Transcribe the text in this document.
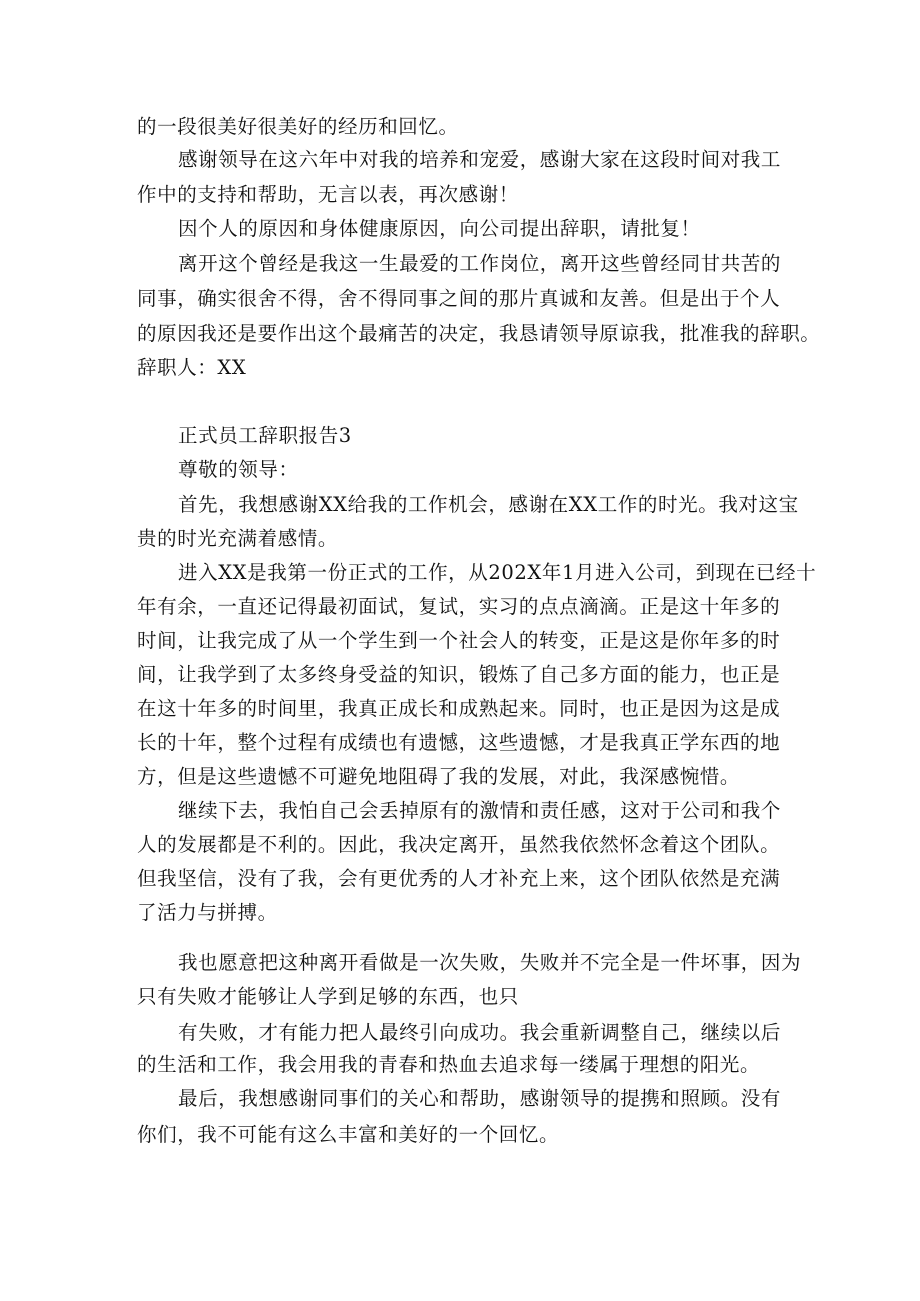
的一段很美好很美好的经历和回忆。
感谢领导在这六年中对我的培养和宠爱，感谢大家在这段时间对我工
作中的支持和帮助，无言以表，再次感谢！
因个人的原因和身体健康原因，向公司提出辞职，请批复！
离开这个曾经是我这一生最爱的工作岗位，离开这些曾经同甘共苦的
同事，确实很舍不得，舍不得同事之间的那片真诚和友善。但是出于个人
的原因我还是要作出这个最痛苦的决定，我恳请领导原谅我，批准我的辞职。
辞职人：XX
正式员工辞职报告3
尊敬的领导：
首先，我想感谢XX给我的工作机会，感谢在XX工作的时光。我对这宝
贵的时光充满着感情。
进入XX是我第一份正式的工作，从202X年1月进入公司，到现在已经十
年有余，一直还记得最初面试，复试，实习的点点滴滴。正是这十年多的
时间，让我完成了从一个学生到一个社会人的转变，正是这是你年多的时
间，让我学到了太多终身受益的知识，锻炼了自己多方面的能力，也正是
在这十年多的时间里，我真正成长和成熟起来。同时，也正是因为这是成
长的十年，整个过程有成绩也有遗憾，这些遗憾，才是我真正学东西的地
方，但是这些遗憾不可避免地阻碍了我的发展，对此，我深感惋惜。
继续下去，我怕自己会丢掉原有的激情和责任感，这对于公司和我个
人的发展都是不利的。因此，我决定离开，虽然我依然怀念着这个团队。
但我坚信，没有了我，会有更优秀的人才补充上来，这个团队依然是充满
了活力与拼搏。
我也愿意把这种离开看做是一次失败，失败并不完全是一件坏事，因为
只有失败才能够让人学到足够的东西，也只
有失败，才有能力把人最终引向成功。我会重新调整自己，继续以后
的生活和工作，我会用我的青春和热血去追求每一缕属于理想的阳光。
最后，我想感谢同事们的关心和帮助，感谢领导的提携和照顾。没有
你们，我不可能有这么丰富和美好的一个回忆。
